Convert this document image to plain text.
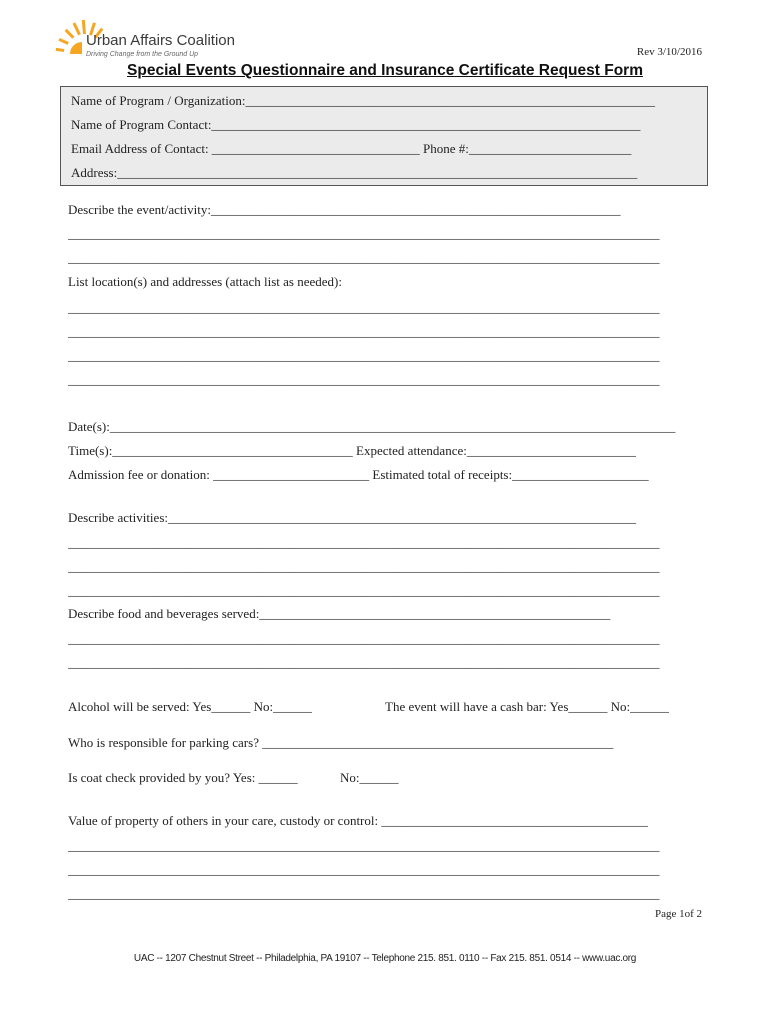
Urban Affairs Coalition
Driving Change from the Ground Up	Rev 3/10/2016
Special Events Questionnaire and Insurance Certificate Request Form
Name of Program / Organization:_______________________________________________________________
Name of Program Contact:__________________________________________________________________
Email Address of Contact: ________________________________ Phone #:_________________________
Address:________________________________________________________________________________
Describe the event/activity:_______________________________________________________________
___________________________________________________________________________________________
___________________________________________________________________________________________
List location(s) and addresses (attach list as needed):
___________________________________________________________________________________________
___________________________________________________________________________________________
___________________________________________________________________________________________
___________________________________________________________________________________________
Date(s):_______________________________________________________________________________________
Time(s):_____________________________________ Expected attendance:__________________________
Admission fee or donation: ________________________ Estimated total of receipts:_____________________
Describe activities:________________________________________________________________________
___________________________________________________________________________________________
___________________________________________________________________________________________
___________________________________________________________________________________________
Describe food and beverages served:______________________________________________________
___________________________________________________________________________________________
___________________________________________________________________________________________
Alcohol will be served: Yes______ No:______	The event will have a cash bar: Yes______ No:______
Who is responsible for parking cars? ______________________________________________________
Is coat check provided by you? Yes: ______	No:______
Value of property of others in your care, custody or control: _________________________________________
___________________________________________________________________________________________
___________________________________________________________________________________________
___________________________________________________________________________________________
Page 1of 2
UAC -- 1207 Chestnut Street -- Philadelphia, PA 19107 -- Telephone 215. 851. 0110 -- Fax 215. 851. 0514 -- www.uac.org
